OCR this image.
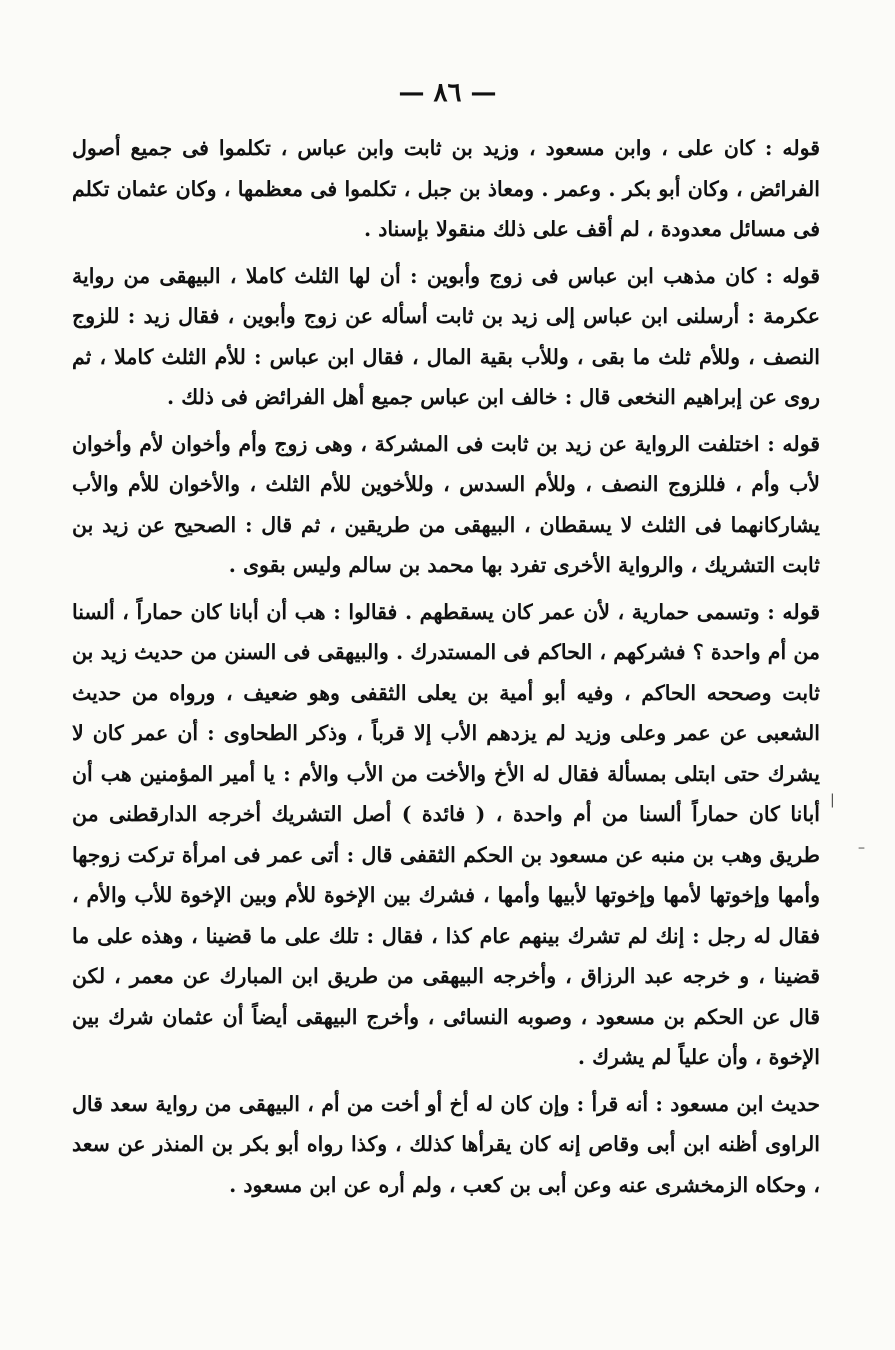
— ٨٦ —

قوله : كان على ، وابن مسعود ، وزيد بن ثابت وابن عباس ، تكلموا فى جميع أصول الفرائض ، وكان أبو بكر . وعمر . ومعاذ بن جبل ، تكلموا فى معظمها ، وكان عثمان تكلم فى مسائل معدودة ، لم أقف على ذلك منقولا بإسناد .

قوله : كان مذهب ابن عباس فى زوج وأبوين : أن لها الثلث كاملا ، البيهقى من رواية عكرمة : أرسلنى ابن عباس إلى زيد بن ثابت أسأله عن زوج وأبوين ، فقال زيد : للزوج النصف ، وللأم ثلث ما بقى ، وللأب بقية المال ، فقال ابن عباس : للأم الثلث كاملا ، ثم روى عن إبراهيم النخعى قال : خالف ابن عباس جميع أهل الفرائض فى ذلك .

قوله : اختلفت الرواية عن زيد بن ثابت فى المشركة ، وهى زوج وأم وأخوان لأم وأخوان لأب وأم ، فللزوج النصف ، وللأم السدس ، وللأخوين للأم الثلث ، والأخوان للأم والأب يشاركانهما فى الثلث لا يسقطان ، البيهقى من طريقين ، ثم قال : الصحيح عن زيد بن ثابت التشريك ، والرواية الأخرى تفرد بها محمد بن سالم وليس بقوى .

قوله : وتسمى حمارية ، لأن عمر كان يسقطهم . فقالوا : هب أن أبانا كان حماراً ، ألسنا من أم واحدة ؟ فشركهم ، الحاكم فى المستدرك . والبيهقى فى السنن من حديث زيد بن ثابت وصححه الحاكم ، وفيه أبو أمية بن يعلى الثقفى وهو ضعيف ، ورواه من حديث الشعبى عن عمر وعلى وزيد لم يزدهم الأب إلا قرباً ، وذكر الطحاوى : أن عمر كان لا يشرك حتى ابتلى بمسألة فقال له الأخ والأخت من الأب والأم : يا أمير المؤمنين هب أن أبانا كان حماراً ألسنا من أم واحدة ، ( فائدة ) أصل التشريك أخرجه الدارقطنى من طريق وهب بن منبه عن مسعود بن الحكم الثقفى قال : أتى عمر فى امرأة تركت زوجها وأمها وإخوتها لأمها وإخوتها لأبيها وأمها ، فشرك بين الإخوة للأم وبين الإخوة للأب والأم ، فقال له رجل : إنك لم تشرك بينهم عام كذا ، فقال : تلك على ما قضينا ، وهذه على ما قضينا ، و خرجه عبد الرزاق ، وأخرجه البيهقى من طريق ابن المبارك عن معمر ، لكن قال عن الحكم بن مسعود ، وصوبه النسائى ، وأخرج البيهقى أيضاً أن عثمان شرك بين الإخوة ، وأن علياً لم يشرك .

حديث ابن مسعود : أنه قرأ : وإن كان له أخ أو أخت من أم ، البيهقى من رواية سعد قال الراوى أظنه ابن أبى وقاص إنه كان يقرأها كذلك ، وكذا رواه أبو بكر بن المنذر عن سعد ، وحكاه الزمخشرى عنه وعن أبى بن كعب ، ولم أره عن ابن مسعود .

|
–
